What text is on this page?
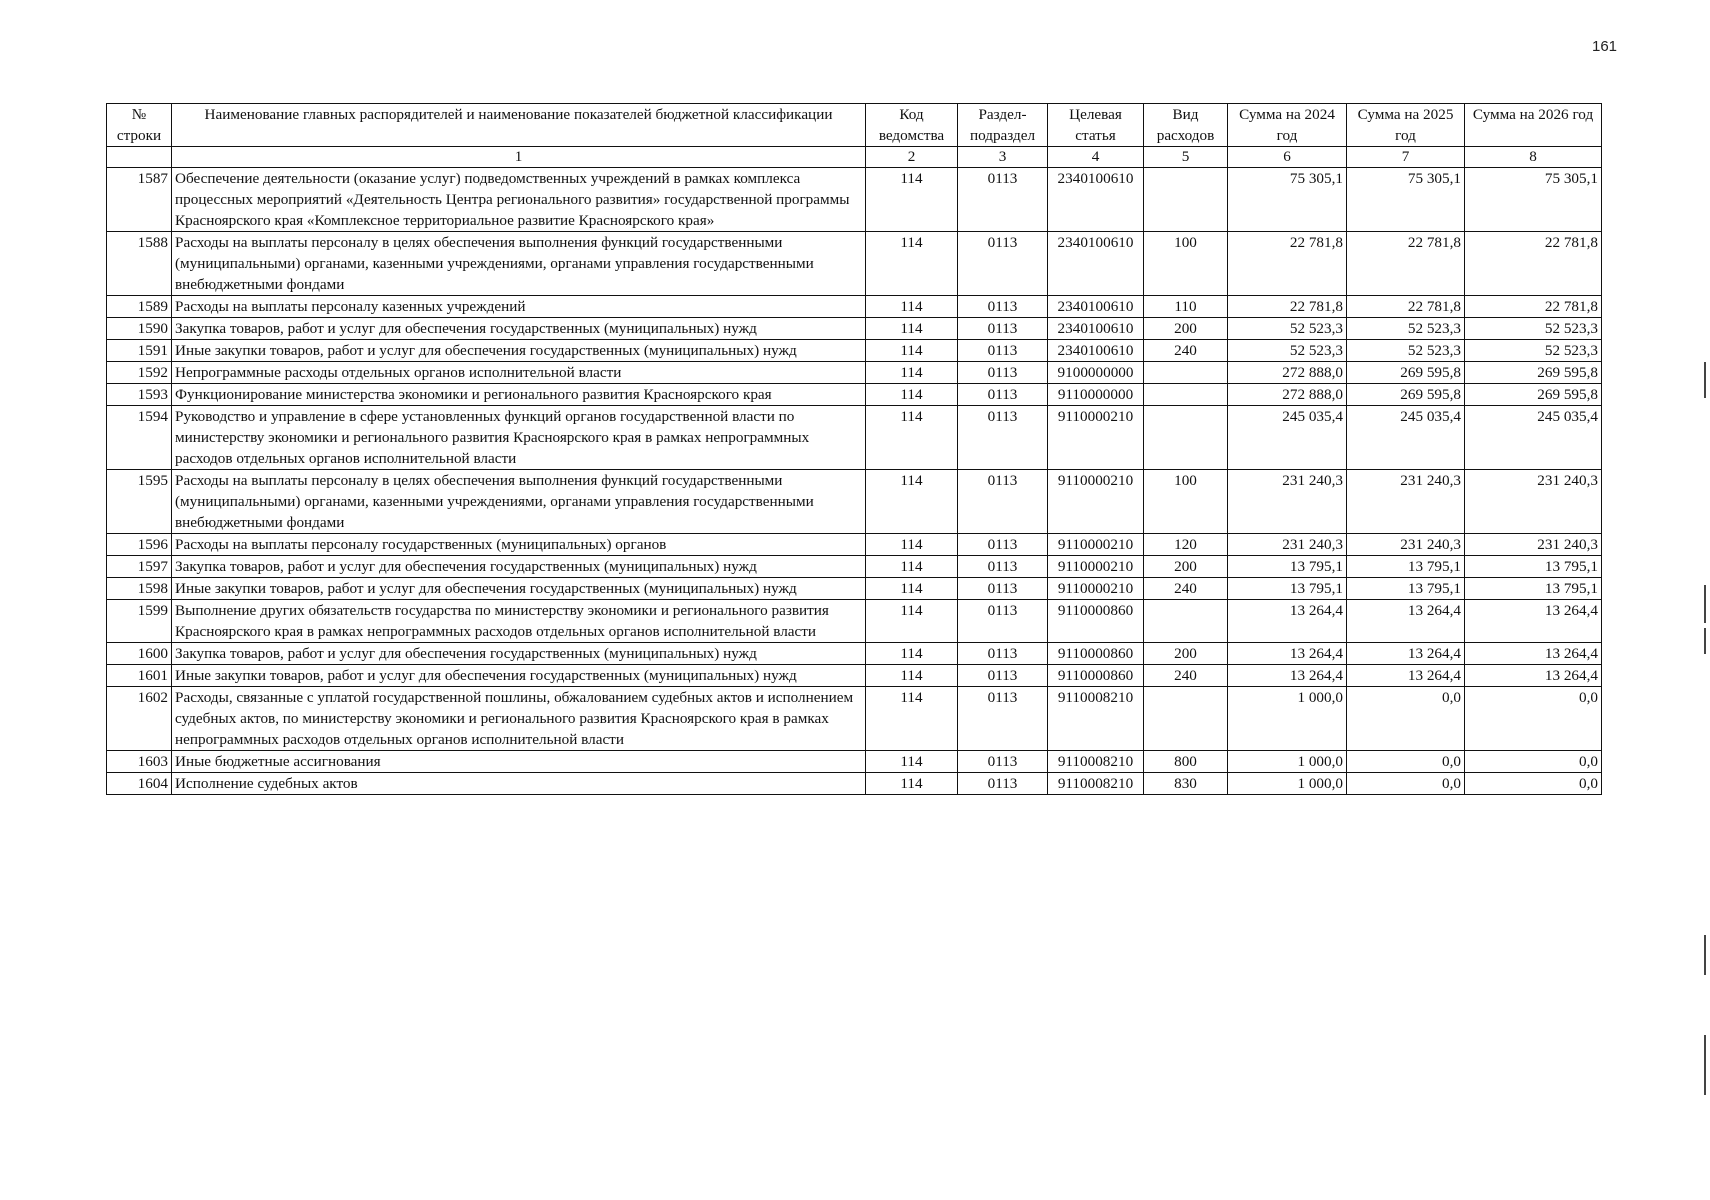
161
№ строки	Наименование главных распорядителей и наименование показателей бюджетной классификации	Код ведомства	Раздел-подраздел	Целевая статья	Вид расходов	Сумма на 2024 год	Сумма на 2025 год	Сумма на 2026 год
	1	2	3	4	5	6	7	8
1587	Обеспечение деятельности (оказание услуг) подведомственных учреждений в рамках комплекса процессных мероприятий «Деятельность Центра регионального развития» государственной программы Красноярского края «Комплексное территориальное развитие Красноярского края»	114	0113	2340100610		75 305,1	75 305,1	75 305,1
1588	Расходы на выплаты персоналу в целях обеспечения выполнения функций государственными (муниципальными) органами, казенными учреждениями, органами управления государственными внебюджетными фондами	114	0113	2340100610	100	22 781,8	22 781,8	22 781,8
1589	Расходы на выплаты персоналу казенных учреждений	114	0113	2340100610	110	22 781,8	22 781,8	22 781,8
1590	Закупка товаров, работ и услуг для обеспечения государственных (муниципальных) нужд	114	0113	2340100610	200	52 523,3	52 523,3	52 523,3
1591	Иные закупки товаров, работ и услуг для обеспечения государственных (муниципальных) нужд	114	0113	2340100610	240	52 523,3	52 523,3	52 523,3
1592	Непрограммные расходы отдельных органов исполнительной власти	114	0113	9100000000		272 888,0	269 595,8	269 595,8
1593	Функционирование министерства экономики и регионального развития Красноярского края	114	0113	9110000000		272 888,0	269 595,8	269 595,8
1594	Руководство и управление в сфере установленных функций органов государственной власти по министерству экономики и регионального развития Красноярского края в рамках непрограммных расходов отдельных органов исполнительной власти	114	0113	9110000210		245 035,4	245 035,4	245 035,4
1595	Расходы на выплаты персоналу в целях обеспечения выполнения функций государственными (муниципальными) органами, казенными учреждениями, органами управления государственными внебюджетными фондами	114	0113	9110000210	100	231 240,3	231 240,3	231 240,3
1596	Расходы на выплаты персоналу государственных (муниципальных) органов	114	0113	9110000210	120	231 240,3	231 240,3	231 240,3
1597	Закупка товаров, работ и услуг для обеспечения государственных (муниципальных) нужд	114	0113	9110000210	200	13 795,1	13 795,1	13 795,1
1598	Иные закупки товаров, работ и услуг для обеспечения государственных (муниципальных) нужд	114	0113	9110000210	240	13 795,1	13 795,1	13 795,1
1599	Выполнение других обязательств государства по министерству экономики и регионального развития Красноярского края в рамках непрограммных расходов отдельных органов исполнительной власти	114	0113	9110000860		13 264,4	13 264,4	13 264,4
1600	Закупка товаров, работ и услуг для обеспечения государственных (муниципальных) нужд	114	0113	9110000860	200	13 264,4	13 264,4	13 264,4
1601	Иные закупки товаров, работ и услуг для обеспечения государственных (муниципальных) нужд	114	0113	9110000860	240	13 264,4	13 264,4	13 264,4
1602	Расходы, связанные с уплатой государственной пошлины, обжалованием судебных актов и исполнением судебных актов, по министерству экономики и регионального развития Красноярского края в рамках непрограммных расходов отдельных органов исполнительной власти	114	0113	9110008210		1 000,0	0,0	0,0
1603	Иные бюджетные ассигнования	114	0113	9110008210	800	1 000,0	0,0	0,0
1604	Исполнение судебных актов	114	0113	9110008210	830	1 000,0	0,0	0,0
